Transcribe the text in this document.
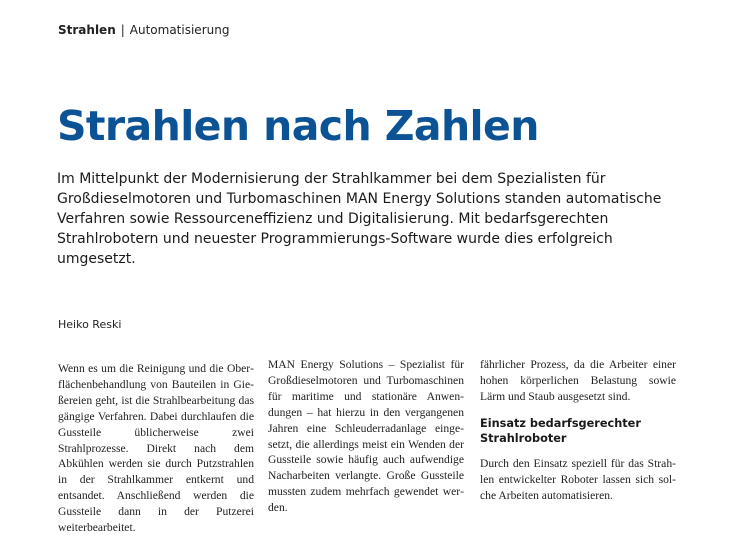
Strahlen | Automatisierung
Strahlen nach Zahlen

Im Mittelpunkt der Modernisierung der Strahlkammer bei dem Spezialisten für Großdieselmotoren und Turbomaschinen MAN Energy Solutions standen automatische Verfahren sowie Ressourceneffizienz und Digitalisierung. Mit bedarfsgerechten Strahlrobotern und neuester Programmierungs-Software wurde dies erfolgreich umgesetzt.

Heiko Reski

Wenn es um die Reinigung und die Oberflächenbehandlung von Bauteilen in Gießereien geht, ist die Strahlbearbeitung das gängige Verfahren. Dabei durchlaufen die Gussteile üblicherweise zwei Strahlprozesse. Direkt nach dem Abkühlen werden sie durch Putzstrahlen in der Strahlkammer entkernt und entsandet. Anschließend werden die Gussteile dann in der Putzerei weiterbearbeitet.

MAN Energy Solutions – Spezialist für Großdieselmotoren und Turbomaschinen für maritime und stationäre Anwendungen – hat hierzu in den vergangenen Jahren eine Schleuderradanlage eingesetzt, die allerdings meist ein Wenden der Gussteile sowie häufig auch aufwendige Nacharbeiten verlangte. Große Gussteile mussten zudem mehrfach gewendet werden.

fährlicher Prozess, da die Arbeiter einer hohen körperlichen Belastung sowie Lärm und Staub ausgesetzt sind.

Einsatz bedarfsgerechter Strahlroboter

Durch den Einsatz speziell für das Strahlen entwickelter Roboter lassen sich solche Arbeiten automatisieren.
